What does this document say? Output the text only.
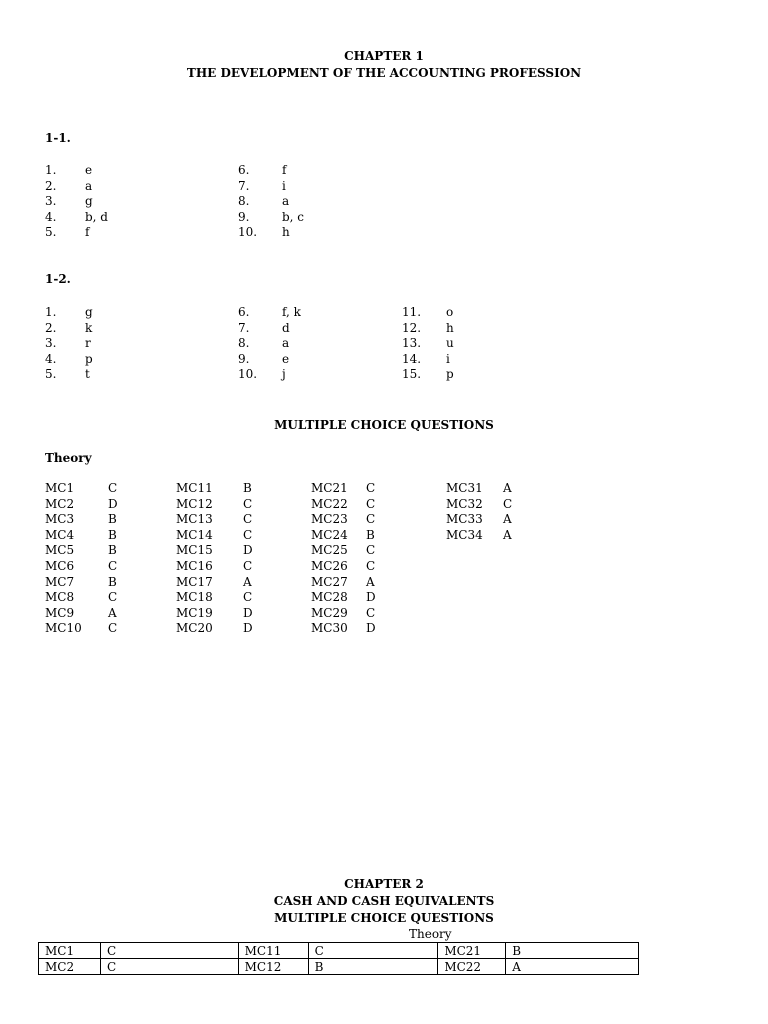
CHAPTER 1
THE DEVELOPMENT OF THE ACCOUNTING PROFESSION
1-1.
1. e
2. a
3. g
4. b, d
5. f
6.	f
7.	i
8.	a
9.	b, c
10. h
1-2.
1. g
2. k
3. r
4. p
5. t
6.	f, k
7.	d
8.	a
9.	e
10. j
11. o
12. h
13. u
14. i
15. p
MULTIPLE CHOICE QUESTIONS
Theory
MC1	C
MC2	D
MC3	B
MC4	B
MC5	B
MC6	C
MC7	B
MC8	C
MC9	A
MC10 C
MC11	B
MC12	C
MC13	C
MC14	C
MC15	D
MC16	C
MC17	A
MC18	C
MC19	D
MC20	D
MC21 C
MC22 C
MC23 C
MC24 B
MC25 C
MC26 C
MC27 A
MC28 D
MC29 C
MC30 D
MC31 A
MC32 C
MC33 A
MC34 A
CHAPTER 2
CASH AND CASH EQUIVALENTS
MULTIPLE CHOICE QUESTIONS
Theory
MC1	C	MC11	C	MC21	B
MC2	C	MC12	B	MC22	A
